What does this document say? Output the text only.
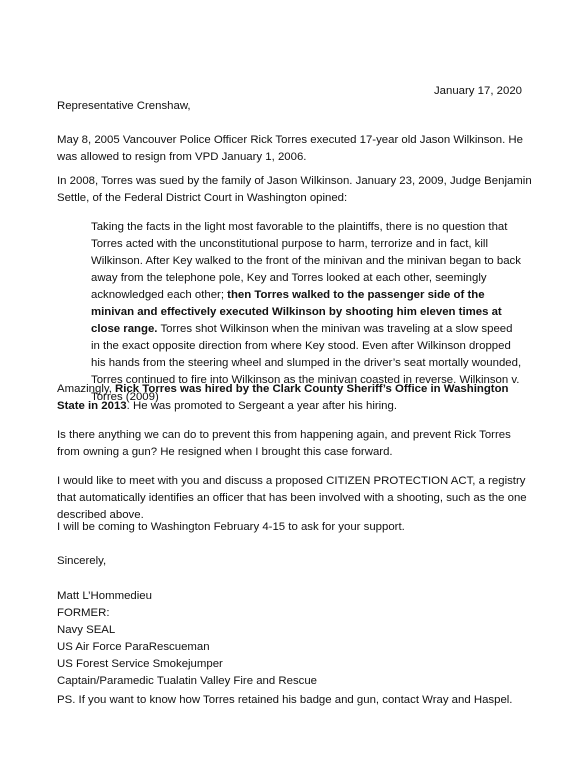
January 17, 2020

Representative Crenshaw,

May 8, 2005 Vancouver Police Officer Rick Torres executed 17-year old Jason Wilkinson. He was allowed to resign from VPD January 1, 2006.

In 2008, Torres was sued by the family of Jason Wilkinson. January 23, 2009, Judge Benjamin Settle, of the Federal District Court in Washington opined:

Taking the facts in the light most favorable to the plaintiffs, there is no question that Torres acted with the unconstitutional purpose to harm, terrorize and in fact, kill Wilkinson. After Key walked to the front of the minivan and the minivan began to back away from the telephone pole, Key and Torres looked at each other, seemingly acknowledged each other; then Torres walked to the passenger side of the minivan and effectively executed Wilkinson by shooting him eleven times at close range. Torres shot Wilkinson when the minivan was traveling at a slow speed in the exact opposite direction from where Key stood. Even after Wilkinson dropped his hands from the steering wheel and slumped in the driver’s seat mortally wounded, Torres continued to fire into Wilkinson as the minivan coasted in reverse. Wilkinson v. Torres (2009)

Amazingly, Rick Torres was hired by the Clark County Sheriff’s Office in Washington State in 2013. He was promoted to Sergeant a year after his hiring.

Is there anything we can do to prevent this from happening again, and prevent Rick Torres from owning a gun? He resigned when I brought this case forward.

I would like to meet with you and discuss a proposed CITIZEN PROTECTION ACT, a registry that automatically identifies an officer that has been involved with a shooting, such as the one described above.

I will be coming to Washington February 4-15 to ask for your support.

Sincerely,

Matt L’Hommedieu
FORMER:
Navy SEAL
US Air Force ParaRescueman
US Forest Service Smokejumper
Captain/Paramedic Tualatin Valley Fire and Rescue

PS. If you want to know how Torres retained his badge and gun, contact Wray and Haspel.
